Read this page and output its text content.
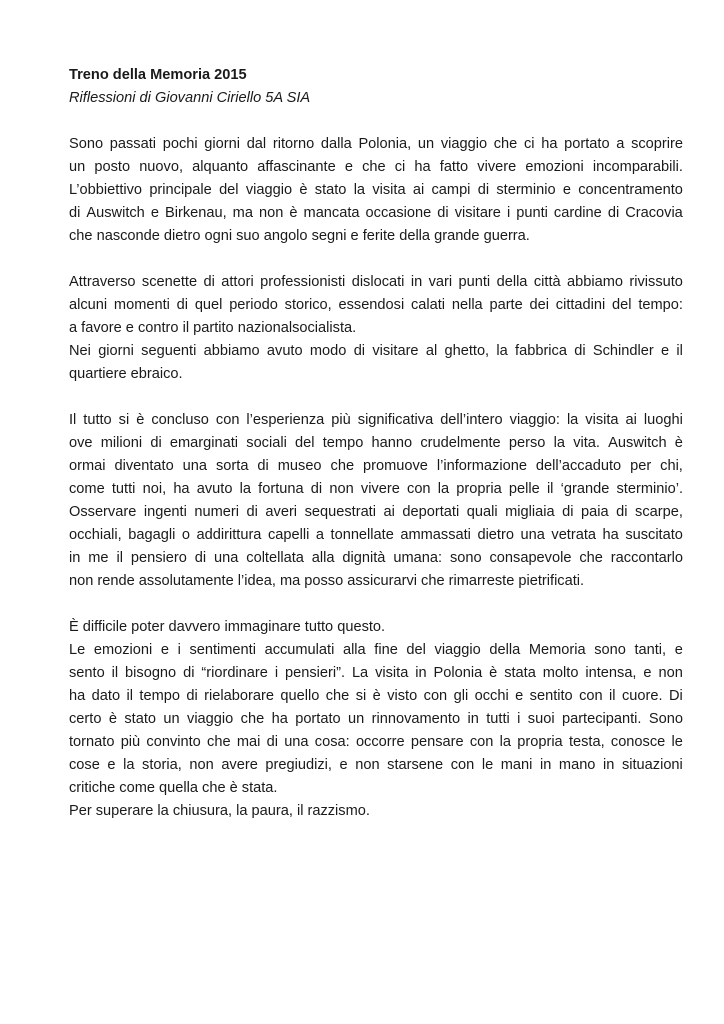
Treno della Memoria 2015

Riflessioni di Giovanni Ciriello 5A SIA

Sono passati pochi giorni dal ritorno dalla Polonia, un viaggio che ci ha portato a scoprire
un posto nuovo, alquanto affascinante e che ci ha fatto vivere emozioni incomparabili.
L’obbiettivo principale del viaggio è stato la visita ai campi di sterminio e concentramento
di Auswitch e Birkenau, ma non è mancata occasione di visitare i punti cardine di Cracovia
che nasconde dietro ogni suo angolo segni e ferite della grande guerra.
Attraverso scenette di attori professionisti dislocati in vari punti della città abbiamo rivissuto
alcuni momenti di quel periodo storico, essendosi calati nella parte dei cittadini del tempo:
a favore e contro il partito nazionalsocialista.
Nei giorni seguenti abbiamo avuto modo di visitare al ghetto, la fabbrica di Schindler e il
quartiere ebraico.
Il tutto si è concluso con l’esperienza più significativa dell’intero viaggio: la visita ai luoghi
ove milioni di emarginati sociali del tempo hanno crudelmente perso la vita. Auswitch è
ormai diventato una sorta di museo che promuove l’informazione dell’accaduto per chi,
come tutti noi, ha avuto la fortuna di non vivere con la propria pelle il ‘grande sterminio’.
Osservare ingenti numeri di averi sequestrati ai deportati quali migliaia di paia di scarpe,
occhiali, bagagli o addirittura capelli a tonnellate ammassati dietro una vetrata ha suscitato
in me il pensiero di una coltellata alla dignità umana: sono consapevole che raccontarlo
non rende assolutamente l’idea, ma posso assicurarvi che rimarreste pietrificati.
È difficile poter davvero immaginare tutto questo.
Le emozioni e i sentimenti accumulati alla fine del viaggio della Memoria sono tanti, e
sento il bisogno di “riordinare i pensieri”. La visita in Polonia è stata molto intensa, e non
ha dato il tempo di rielaborare quello che si è visto con gli occhi e sentito con il cuore. Di
certo è stato un viaggio che ha portato un rinnovamento in tutti i suoi partecipanti. Sono
tornato più convinto che mai di una cosa: occorre pensare con la propria testa, conosce le
cose e la storia, non avere pregiudizi, e non starsene con le mani in mano in situazioni
critiche come quella che è stata.
Per superare la chiusura, la paura, il razzismo.
